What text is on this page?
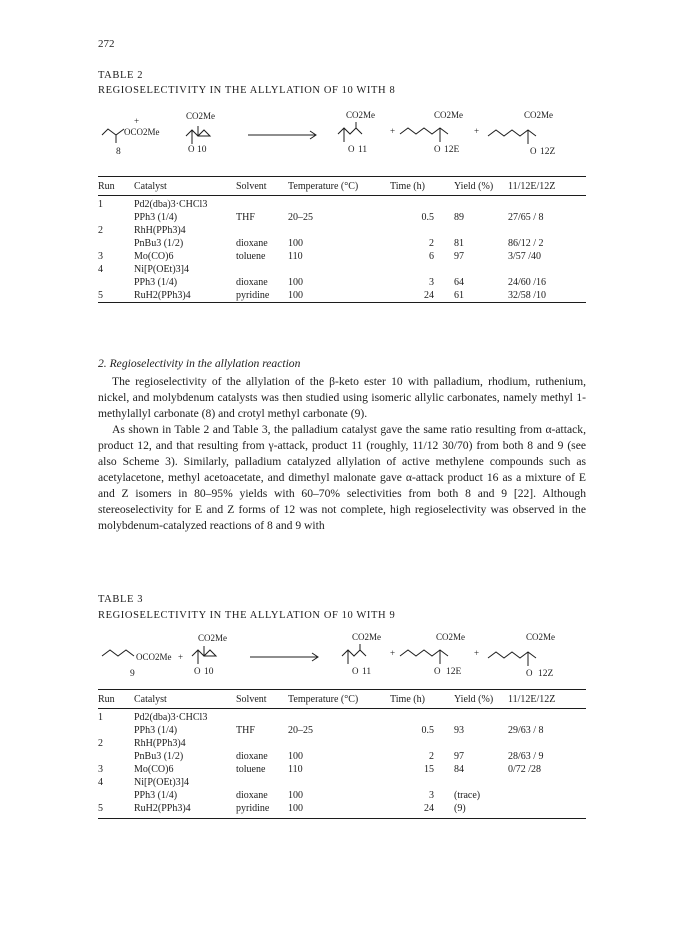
272
TABLE 2
REGIOSELECTIVITY IN THE ALLYLATION OF 10 WITH 8
OCO2Me
+
8
CO2Me
O 10
CO2Me
O 11
+
CO2Me
O 12E
+
CO2Me
O 12Z
Run	Catalyst	Solvent	Temperature (°C)	Time (h)	Yield (%)	11/12E/12Z

1	Pd2(dba)3·CHCl3					
	PPh3 (1/4)	THF	20–25	0.5	89	27/65 / 8
2	RhH(PPh3)4					
	PnBu3 (1/2)	dioxane	100	2	81	86/12 / 2
3	Mo(CO)6	toluene	110	6	97	3/57 /40
4	Ni[P(OEt)3]4					
	PPh3 (1/4)	dioxane	100	3	64	24/60 /16
5	RuH2(PPh3)4	pyridine	100	24	61	32/58 /10
2. Regioselectivity in the allylation reaction

The regioselectivity of the allylation of the β-keto ester 10 with palladium, rhodium, ruthenium, nickel, and molybdenum catalysts was then studied using isomeric allylic carbonates, namely methyl 1-methylallyl carbonate (8) and crotyl methyl carbonate (9).

As shown in Table 2 and Table 3, the palladium catalyst gave the same ratio resulting from α-attack, product 12, and that resulting from γ-attack, product 11 (roughly, 11/12 30/70) from both 8 and 9 (see also Scheme 3). Similarly, palladium catalyzed allylation of active methylene compounds such as acetylacetone, methyl acetoacetate, and dimethyl malonate gave α-attack product 16 as a mixture of E and Z isomers in 80–95% yields with 60–70% selectivities from both 8 and 9 [22]. Although stereoselectivity for E and Z forms of 12 was not complete, high regioselectivity was observed in the molybdenum-catalyzed reactions of 8 and 9 with

TABLE 3
REGIOSELECTIVITY IN THE ALLYLATION OF 10 WITH 9
OCO2Me +
9
CO2Me
O 10
CO2Me
O 11
+
CO2Me
O 12E
+
CO2Me
O 12Z
Run	Catalyst	Solvent	Temperature (°C)	Time (h)	Yield (%)	11/12E/12Z

1	Pd2(dba)3·CHCl3					
	PPh3 (1/4)	THF	20–25	0.5	93	29/63 / 8
2	RhH(PPh3)4					
	PnBu3 (1/2)	dioxane	100	2	97	28/63 / 9
3	Mo(CO)6	toluene	110	15	84	0/72 /28
4	Ni[P(OEt)3]4					
	PPh3 (1/4)	dioxane	100	3	(trace)	
5	RuH2(PPh3)4	pyridine	100	24	(9)	
